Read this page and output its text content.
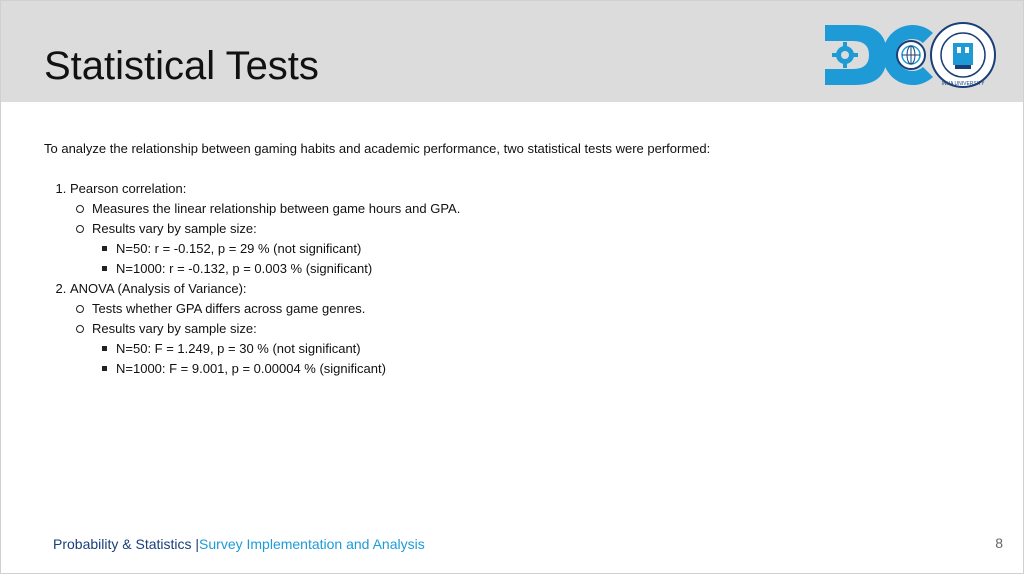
Statistical Tests	INHA UNIVERSITY

To analyze the relationship between gaming habits and academic performance, two statistical tests were performed:

1. Pearson correlation:
Measures the linear relationship between game hours and GPA.
Results vary by sample size:
N=50: r = -0.152, p = 29 % (not significant)
N=1000: r = -0.132, p = 0.003 % (significant)
2. ANOVA (Analysis of Variance):
Tests whether GPA differs across game genres.
Results vary by sample size:
N=50: F = 1.249, p = 30 % (not significant)
N=1000: F = 9.001, p = 0.00004 % (significant)
Probability & Statistics |Survey Implementation and Analysis	8
